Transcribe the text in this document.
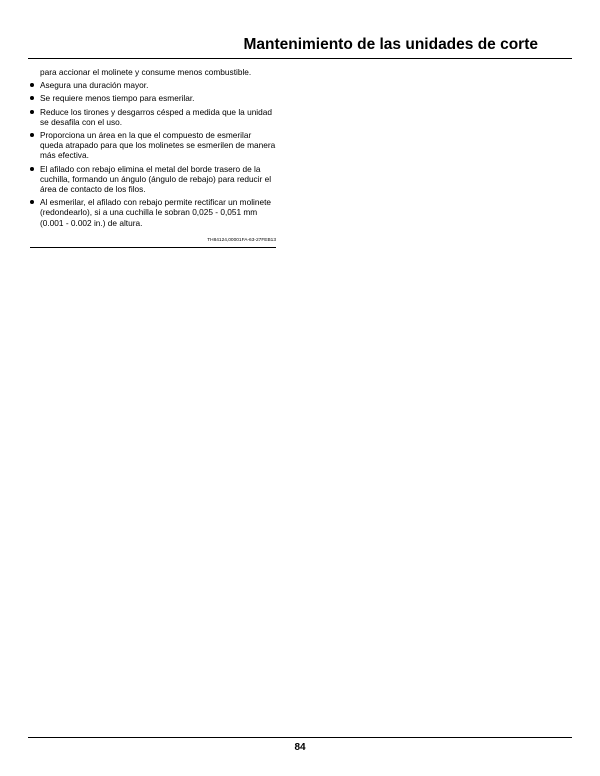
Mantenimiento de las unidades de corte

para accionar el molinete y consume menos combustible.

Asegura una duración mayor.
Se requiere menos tiempo para esmerilar.
Reduce los tirones y desgarros césped a medida que la unidad se desafila con el uso.
Proporciona un área en la que el compuesto de esmerilar queda atrapado para que los molinetes se esmerilen de manera más efectiva.
El afilado con rebajo elimina el metal del borde trasero de la cuchilla, formando un ángulo (ángulo de rebajo) para reducir el área de contacto de los filos.
Al esmerilar, el afilado con rebajo permite rectificar un molinete (redondearlo), si a una cuchilla le sobran 0,025 - 0,051 mm (0.001 - 0.002 in.) de altura.
TH84124,00001FA-63-27FEB13
84
